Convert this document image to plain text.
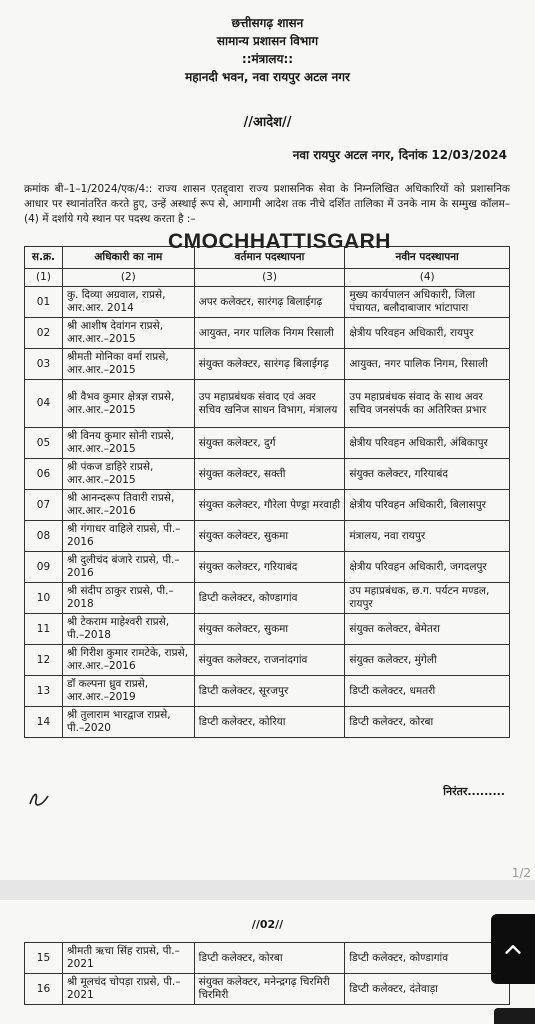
छत्तीसगढ़ शासन
सामान्य प्रशासन विभाग
::मंत्रालय::
महानदी भवन, नवा रायपुर अटल नगर
//आदेश//
नवा रायपुर अटल नगर, दिनांक 12/03/2024
क्रमांक बी–1–1/2024/एक/4:: राज्य शासन एतद्द्वारा राज्य प्रशासनिक सेवा के निम्नलिखित अधिकारियों को प्रशासनिक आधार पर स्थानांतरित करते हुए, उन्हें अस्थाई रूप से, आगामी आदेश तक नीचे दर्शित तालिका में उनके नाम के सम्मुख कॉलम–(4) में दर्शाये गये स्थान पर पदस्थ करता है :–
स.क्र.	अधिकारी का नाम	वर्तमान पदस्थापना	नवीन पदस्थापना
(1)	(2)	(3)	(4)
01	कु. दिव्या अग्रवाल, राप्रसे, आर.आर. 2014	अपर कलेक्टर, सारंगढ़ बिलाईगढ़	मुख्य कार्यपालन अधिकारी, जिला पंचायत, बलौदाबाजार भांटापारा
02	श्री आशीष देवांगन राप्रसे, आर.आर.–2015	आयुक्त, नगर पालिक निगम रिसाली	क्षेत्रीय परिवहन अधिकारी, रायपुर
03	श्रीमती मोनिका वर्मा राप्रसे, आर.आर.–2015	संयुक्त कलेक्टर, सारंगढ़ बिलाईगढ़	आयुक्त, नगर पालिक निगम, रिसाली
04	श्री वैभव कुमार क्षेत्रज्ञ राप्रसे, आर.आर.–2015	उप महाप्रबंधक संवाद एवं अवर सचिव खनिज साधन विभाग, मंत्रालय	उप महाप्रबंधक संवाद के साथ अवर सचिव जनसंपर्क का अतिरिक्त प्रभार
05	श्री विनय कुमार सोनी राप्रसे, आर.आर.–2015	संयुक्त कलेक्टर, दुर्ग	क्षेत्रीय परिवहन अधिकारी, अंबिकापुर
06	श्री पंकज डाहिरे राप्रसे, आर.आर.–2015	संयुक्त कलेक्टर, सक्ती	संयुक्त कलेक्टर, गरियाबंद
07	श्री आनन्दरूप तिवारी राप्रसे, आर.आर.–2016	संयुक्त कलेक्टर, गौरेला पेण्ड्रा मरवाही	क्षेत्रीय परिवहन अधिकारी, बिलासपुर
08	श्री गंगाधर वाहिले राप्रसे, पी.–2016	संयुक्त कलेक्टर, सुकमा	मंत्रालय, नवा रायपुर
09	श्री दुलीचंद बंजारे राप्रसे, पी.–2016	संयुक्त कलेक्टर, गरियाबंद	क्षेत्रीय परिवहन अधिकारी, जगदलपुर
10	श्री संदीप ठाकुर राप्रसे, पी.–2018	डिप्टी कलेक्टर, कोण्डागांव	उप महाप्रबंधक, छ.ग. पर्यटन मण्डल, रायपुर
11	श्री टेकराम माहेश्वरी राप्रसे, पी.–2018	संयुक्त कलेक्टर, सुकमा	संयुक्त कलेक्टर, बेमेतरा
12	श्री गिरीश कुमार रामटेके, राप्रसे, आर.आर.–2016	संयुक्त कलेक्टर, राजनांदगांव	संयुक्त कलेक्टर, मुंगेली
13	डॉ कल्पना ध्रुव राप्रसे, आर.आर.–2019	डिप्टी कलेक्टर, सूरजपुर	डिप्टी कलेक्टर, धमतरी
14	श्री तुलाराम भारद्वाज राप्रसे, पी.–2020	डिप्टी कलेक्टर, कोरिया	डिप्टी कलेक्टर, कोरबा
CMOCHHATTISGARH
निरंतर.........
1/2
//02//
15	श्रीमती ऋचा सिंह राप्रसे, पी.–2021	डिप्टी कलेक्टर, कोरबा	डिप्टी कलेक्टर, कोण्डागांव
16	श्री मूलचंद चोपड़ा राप्रसे, पी.–2021	संयुक्त कलेक्टर, मनेन्द्रगढ़ चिरमिरी चिरमिरी	डिप्टी कलेक्टर, दंतेवाड़ा
